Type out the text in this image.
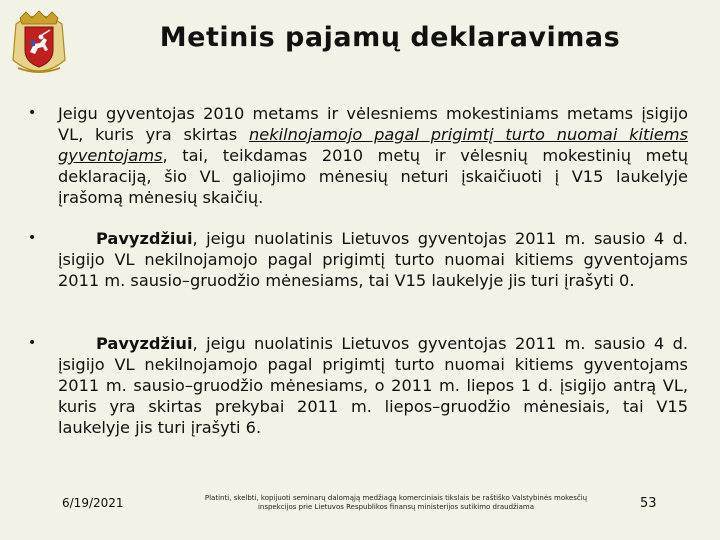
Metinis pajamų deklaravimas
• Jeigu gyventojas 2010 metams ir vėlesniems mokestiniams metams įsigijo VL, kuris yra skirtas nekilnojamojo pagal prigimtį turto nuomai kitiems gyventojams, tai, teikdamas 2010 metų ir vėlesnių mokestinių metų deklaraciją, šio VL galiojimo mėnesių neturi įskaičiuoti į V15 laukelyje įrašomą mėnesių skaičių.
•	Pavyzdžiui, jeigu nuolatinis Lietuvos gyventojas 2011 m. sausio 4 d. įsigijo VL nekilnojamojo pagal prigimtį turto nuomai kitiems gyventojams 2011 m. sausio–gruodžio mėnesiams, tai V15 laukelyje jis turi įrašyti 0.
•	Pavyzdžiui, jeigu nuolatinis Lietuvos gyventojas 2011 m. sausio 4 d. įsigijo VL nekilnojamojo pagal prigimtį turto nuomai kitiems gyventojams 2011 m. sausio–gruodžio mėnesiams, o 2011 m. liepos 1 d. įsigijo antrą VL, kuris yra skirtas prekybai 2011 m. liepos–gruodžio mėnesiais, tai V15 laukelyje jis turi įrašyti 6.
6/19/2021	Platinti, skelbti, kopijuoti seminarų dalomąją medžiagą komerciniais tikslais be raštiško Valstybinės mokesčių inspekcijos prie Lietuvos Respublikos finansų ministerijos sutikimo draudžiama	53
